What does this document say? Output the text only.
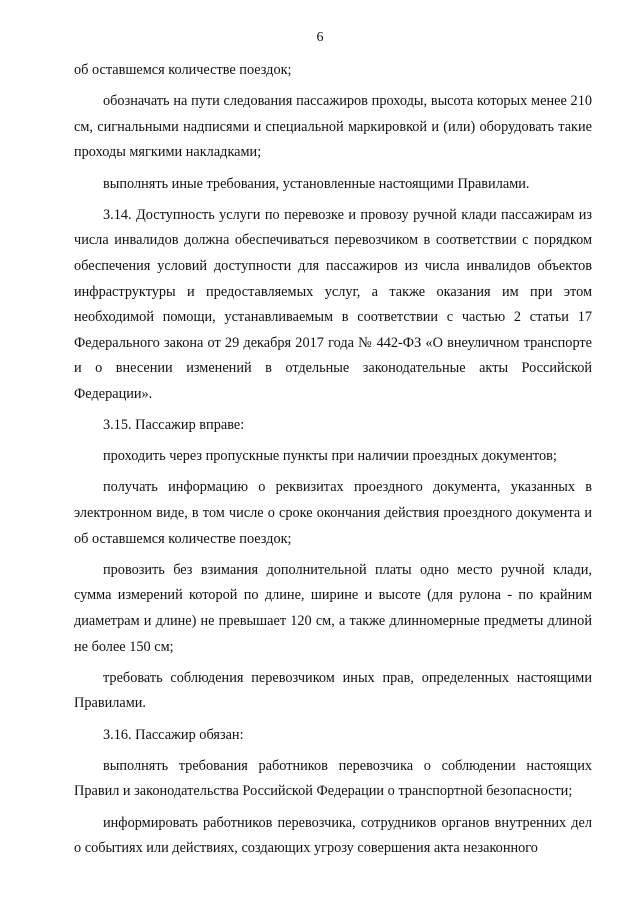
6

об оставшемся количестве поездок;

обозначать на пути следования пассажиров проходы, высота которых менее 210 см, сигнальными надписями и специальной маркировкой и (или) оборудовать такие проходы мягкими накладками;

выполнять иные требования, установленные настоящими Правилами.

3.14. Доступность услуги по перевозке и провозу ручной клади пассажирам из числа инвалидов должна обеспечиваться перевозчиком в соответствии с порядком обеспечения условий доступности для пассажиров из числа инвалидов объектов инфраструктуры и предоставляемых услуг, а также оказания им при этом необходимой помощи, устанавливаемым в соответствии с частью 2 статьи 17 Федерального закона от 29 декабря 2017 года № 442-ФЗ «О внеуличном транспорте и о внесении изменений в отдельные законодательные акты Российской Федерации».

3.15. Пассажир вправе:

проходить через пропускные пункты при наличии проездных документов;

получать информацию о реквизитах проездного документа, указанных в электронном виде, в том числе о сроке окончания действия проездного документа и об оставшемся количестве поездок;

провозить без взимания дополнительной платы одно место ручной клади, сумма измерений которой по длине, ширине и высоте (для рулона - по крайним диаметрам и длине) не превышает 120 см, а также длинномерные предметы длиной не более 150 см;

требовать соблюдения перевозчиком иных прав, определенных настоящими Правилами.

3.16. Пассажир обязан:

выполнять требования работников перевозчика о соблюдении настоящих Правил и законодательства Российской Федерации о транспортной безопасности;

информировать работников перевозчика, сотрудников органов внутренних дел о событиях или действиях, создающих угрозу совершения акта незаконного
